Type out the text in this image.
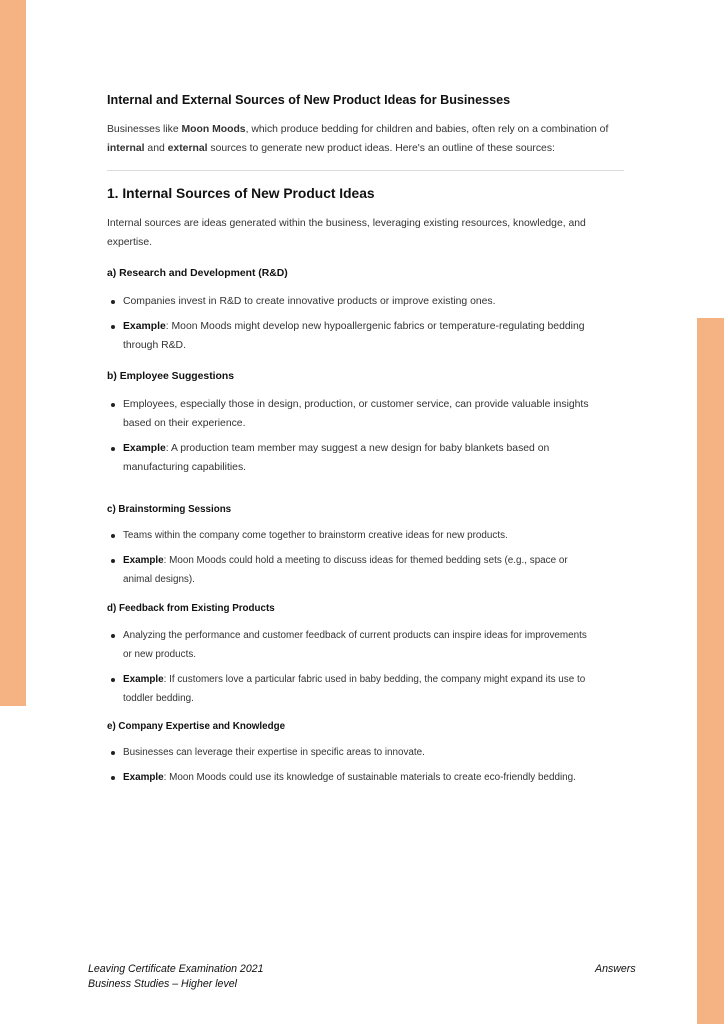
Internal and External Sources of New Product Ideas for Businesses

Businesses like Moon Moods, which produce bedding for children and babies, often rely on a combination of internal and external sources to generate new product ideas. Here's an outline of these sources:

1. Internal Sources of New Product Ideas

Internal sources are ideas generated within the business, leveraging existing resources, knowledge, and expertise.

a) Research and Development (R&D)
Companies invest in R&D to create innovative products or improve existing ones.
Example: Moon Moods might develop new hypoallergenic fabrics or temperature-regulating bedding through R&D.
b) Employee Suggestions
Employees, especially those in design, production, or customer service, can provide valuable insights based on their experience.
Example: A production team member may suggest a new design for baby blankets based on manufacturing capabilities.
c) Brainstorming Sessions
Teams within the company come together to brainstorm creative ideas for new products.
Example: Moon Moods could hold a meeting to discuss ideas for themed bedding sets (e.g., space or animal designs).
d) Feedback from Existing Products
Analyzing the performance and customer feedback of current products can inspire ideas for improvements or new products.
Example: If customers love a particular fabric used in baby bedding, the company might expand its use to toddler bedding.
e) Company Expertise and Knowledge
Businesses can leverage their expertise in specific areas to innovate.
Example: Moon Moods could use its knowledge of sustainable materials to create eco-friendly bedding.
Leaving Certificate Examination 2021
Business Studies – Higher level
Answers
